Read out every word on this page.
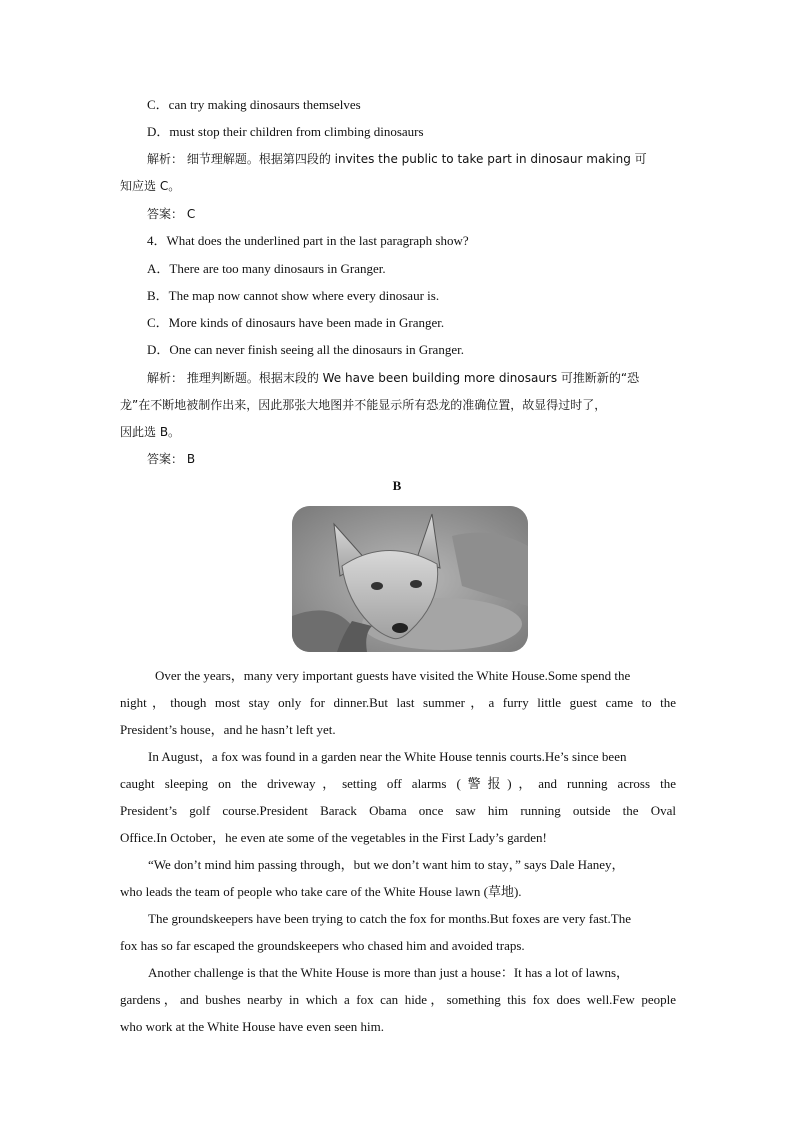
C．can try making dinosaurs themselves
D．must stop their children from climbing dinosaurs
解析： 细节理解题。根据第四段的 invites the public to take part in dinosaur making 可
知应选 C。
答案： C
4．What does the underlined part in the last paragraph show?
A．There are too many dinosaurs in Granger.
B．The map now cannot show where every dinosaur is.
C．More kinds of dinosaurs have been made in Granger.
D．One can never finish seeing all the dinosaurs in Granger.
解析： 推理判断题。根据末段的 We have been building more dinosaurs 可推断新的“恐
龙”在不断地被制作出来，因此那张大地图并不能显示所有恐龙的准确位置，故显得过时了，
因此选 B。
答案： B
B

Over the years，many very important guests have visited the White House.Some spend the

night，though most stay only for dinner.But last summer，a furry little guest came to the

President’s house，and he hasn’t left yet.

In August，a fox was found in a garden near the White House tennis courts.He’s since been

caught sleeping on the driveway，setting off alarms (警报)，and running across the

President’s golf course.President Barack Obama once saw him running outside the Oval

Office.In October，he even ate some of the vegetables in the First Lady’s garden!

“We don’t mind him passing through，but we don’t want him to stay，” says Dale Haney，

who leads the team of people who take care of the White House lawn (草地).

The groundskeepers have been trying to catch the fox for months.But foxes are very fast.The

fox has so far escaped the groundskeepers who chased him and avoided traps.

Another challenge is that the White House is more than just a house：It has a lot of lawns，

gardens，and bushes nearby in which a fox can hide，something this fox does well.Few people

who work at the White House have even seen him.
